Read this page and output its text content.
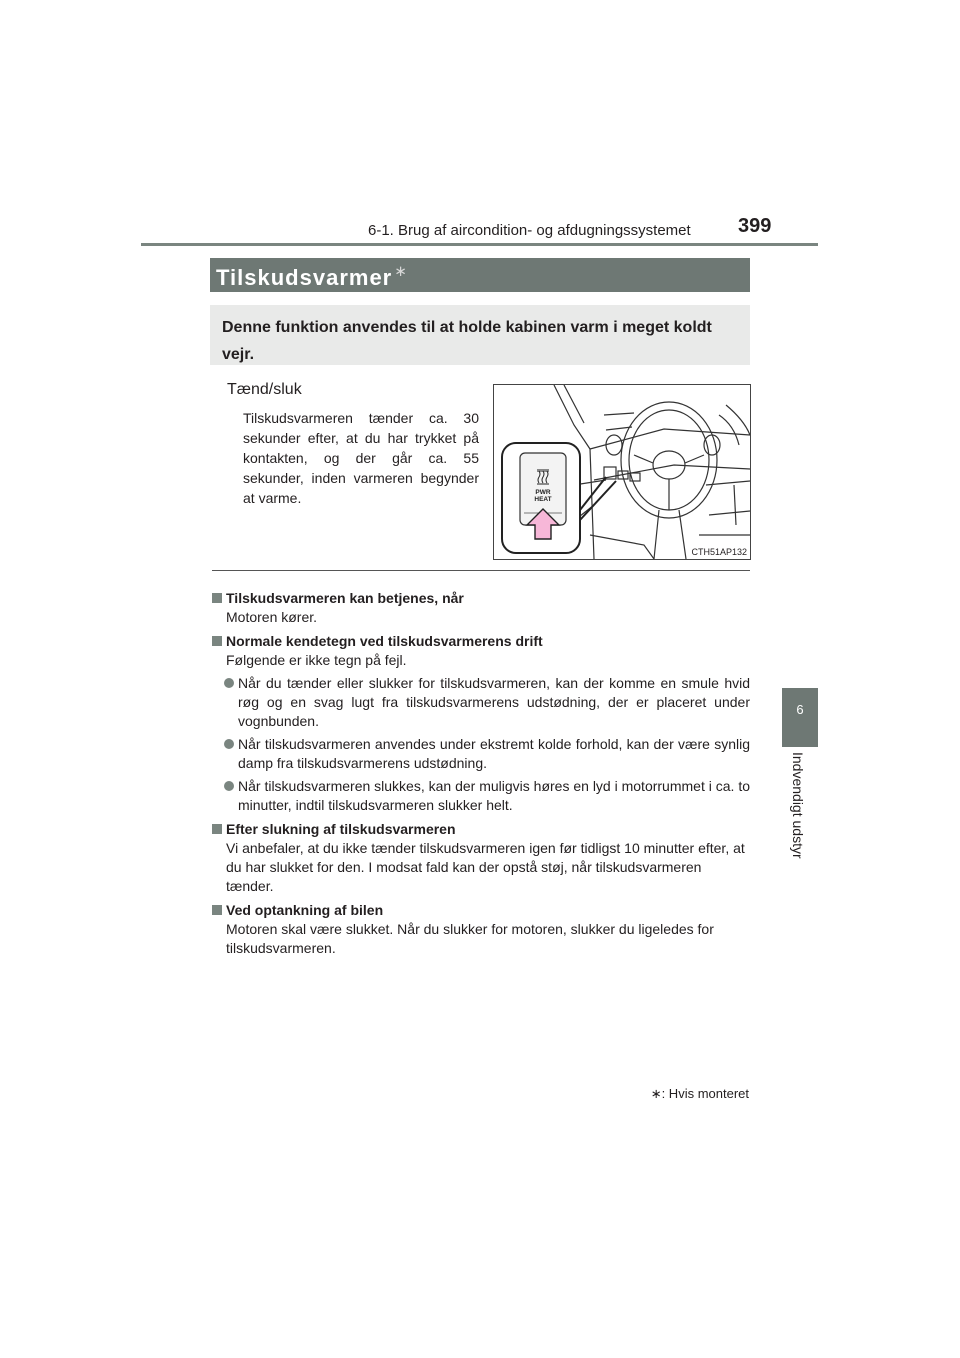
6-1. Brug af aircondition- og afdugningssystemet 399
6
Indvendigt udstyr
Tilskudsvarmer ∗
Denne funktion anvendes til at holde kabinen varm i meget koldt vejr.
Tænd/sluk
Tilskudsvarmeren tænder ca. 30 sekunder efter, at du har trykket på kontakten, og der går ca. 55 sekunder, inden varmeren begynder at varme.	PWR
HEAT
CTH51AP132
Tilskudsvarmeren kan betjenes, når
Motoren kører.
Normale kendetegn ved tilskudsvarmerens drift
Følgende er ikke tegn på fejl.
Når du tænder eller slukker for tilskudsvarmeren, kan der komme en smule hvid røg og en svag lugt fra tilskudsvarmerens udstødning, der er placeret under vognbunden.
Når tilskudsvarmeren anvendes under ekstremt kolde forhold, kan der være synlig damp fra tilskudsvarmerens udstødning.
Når tilskudsvarmeren slukkes, kan der muligvis høres en lyd i motorrummet i ca. to minutter, indtil tilskudsvarmeren slukker helt.
Efter slukning af tilskudsvarmeren
Vi anbefaler, at du ikke tænder tilskudsvarmeren igen før tidligst 10 minutter efter, at du har slukket for den. I modsat fald kan der opstå støj, når tilskudsvarmeren tænder.
Ved optankning af bilen
Motoren skal være slukket. Når du slukker for motoren, slukker du ligeledes for tilskudsvarmeren.
∗: Hvis monteret
